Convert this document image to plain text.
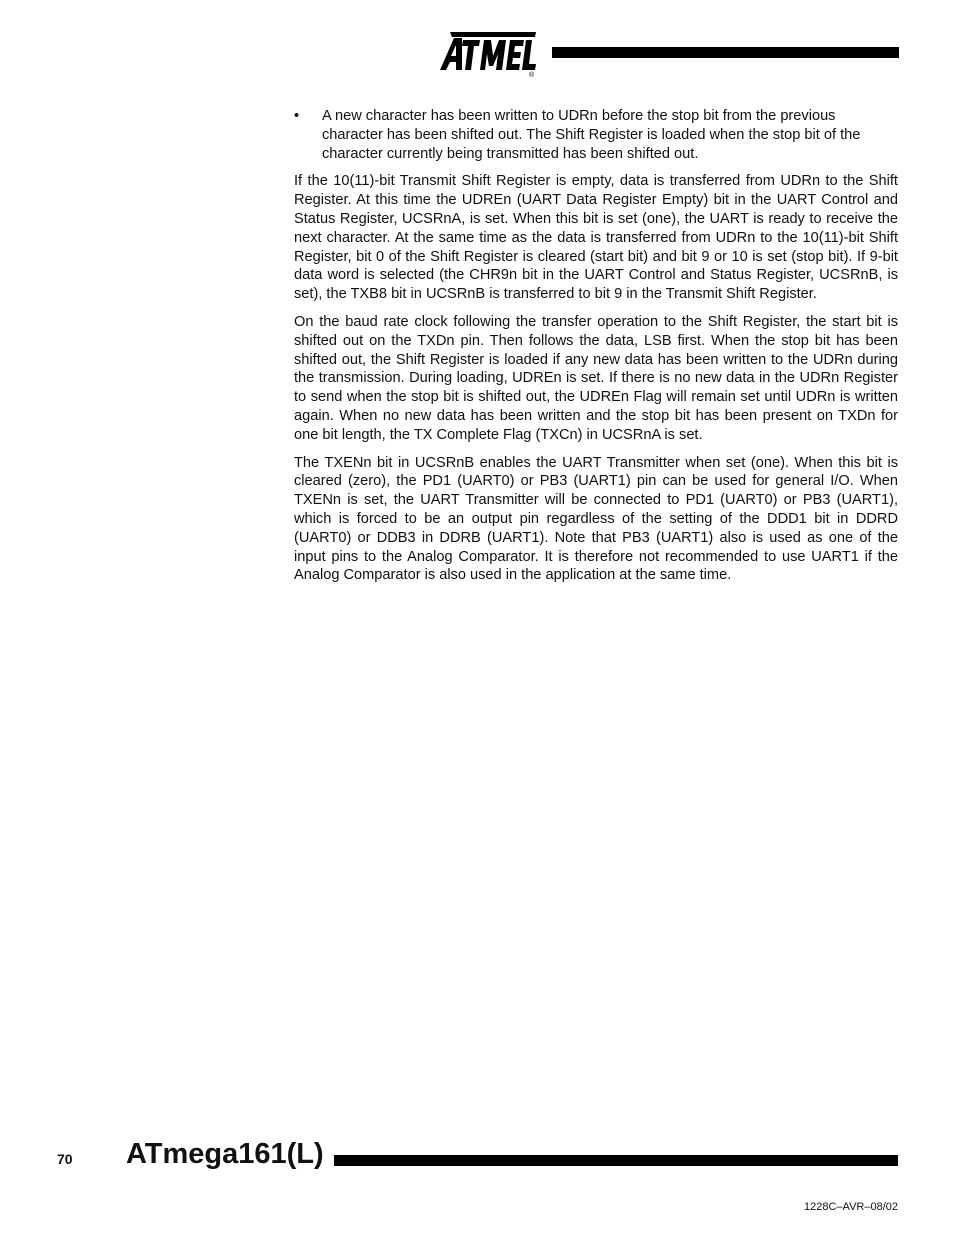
®
• A new character has been written to UDRn before the stop bit from the previous character has been shifted out. The Shift Register is loaded when the stop bit of the character currently being transmitted has been shifted out.

If the 10(11)-bit Transmit Shift Register is empty, data is transferred from UDRn to the Shift Register. At this time the UDREn (UART Data Register Empty) bit in the UART Control and Status Register, UCSRnA, is set. When this bit is set (one), the UART is ready to receive the next character. At the same time as the data is transferred from UDRn to the 10(11)-bit Shift Register, bit 0 of the Shift Register is cleared (start bit) and bit 9 or 10 is set (stop bit). If 9-bit data word is selected (the CHR9n bit in the UART Control and Status Register, UCSRnB, is set), the TXB8 bit in UCSRnB is transferred to bit 9 in the Transmit Shift Register.

On the baud rate clock following the transfer operation to the Shift Register, the start bit is shifted out on the TXDn pin. Then follows the data, LSB first. When the stop bit has been shifted out, the Shift Register is loaded if any new data has been written to the UDRn during the transmission. During loading, UDREn is set. If there is no new data in the UDRn Register to send when the stop bit is shifted out, the UDREn Flag will remain set until UDRn is written again. When no new data has been written and the stop bit has been present on TXDn for one bit length, the TX Complete Flag (TXCn) in UCSRnA is set.

The TXENn bit in UCSRnB enables the UART Transmitter when set (one). When this bit is cleared (zero), the PD1 (UART0) or PB3 (UART1) pin can be used for general I/O. When TXENn is set, the UART Transmitter will be connected to PD1 (UART0) or PB3 (UART1), which is forced to be an output pin regardless of the setting of the DDD1 bit in DDRD (UART0) or DDB3 in DDRB (UART1). Note that PB3 (UART1) also is used as one of the input pins to the Analog Comparator. It is therefore not recommended to use UART1 if the Analog Comparator is also used in the application at the same time.

70 ATmega161(L)
1228C–AVR–08/02
